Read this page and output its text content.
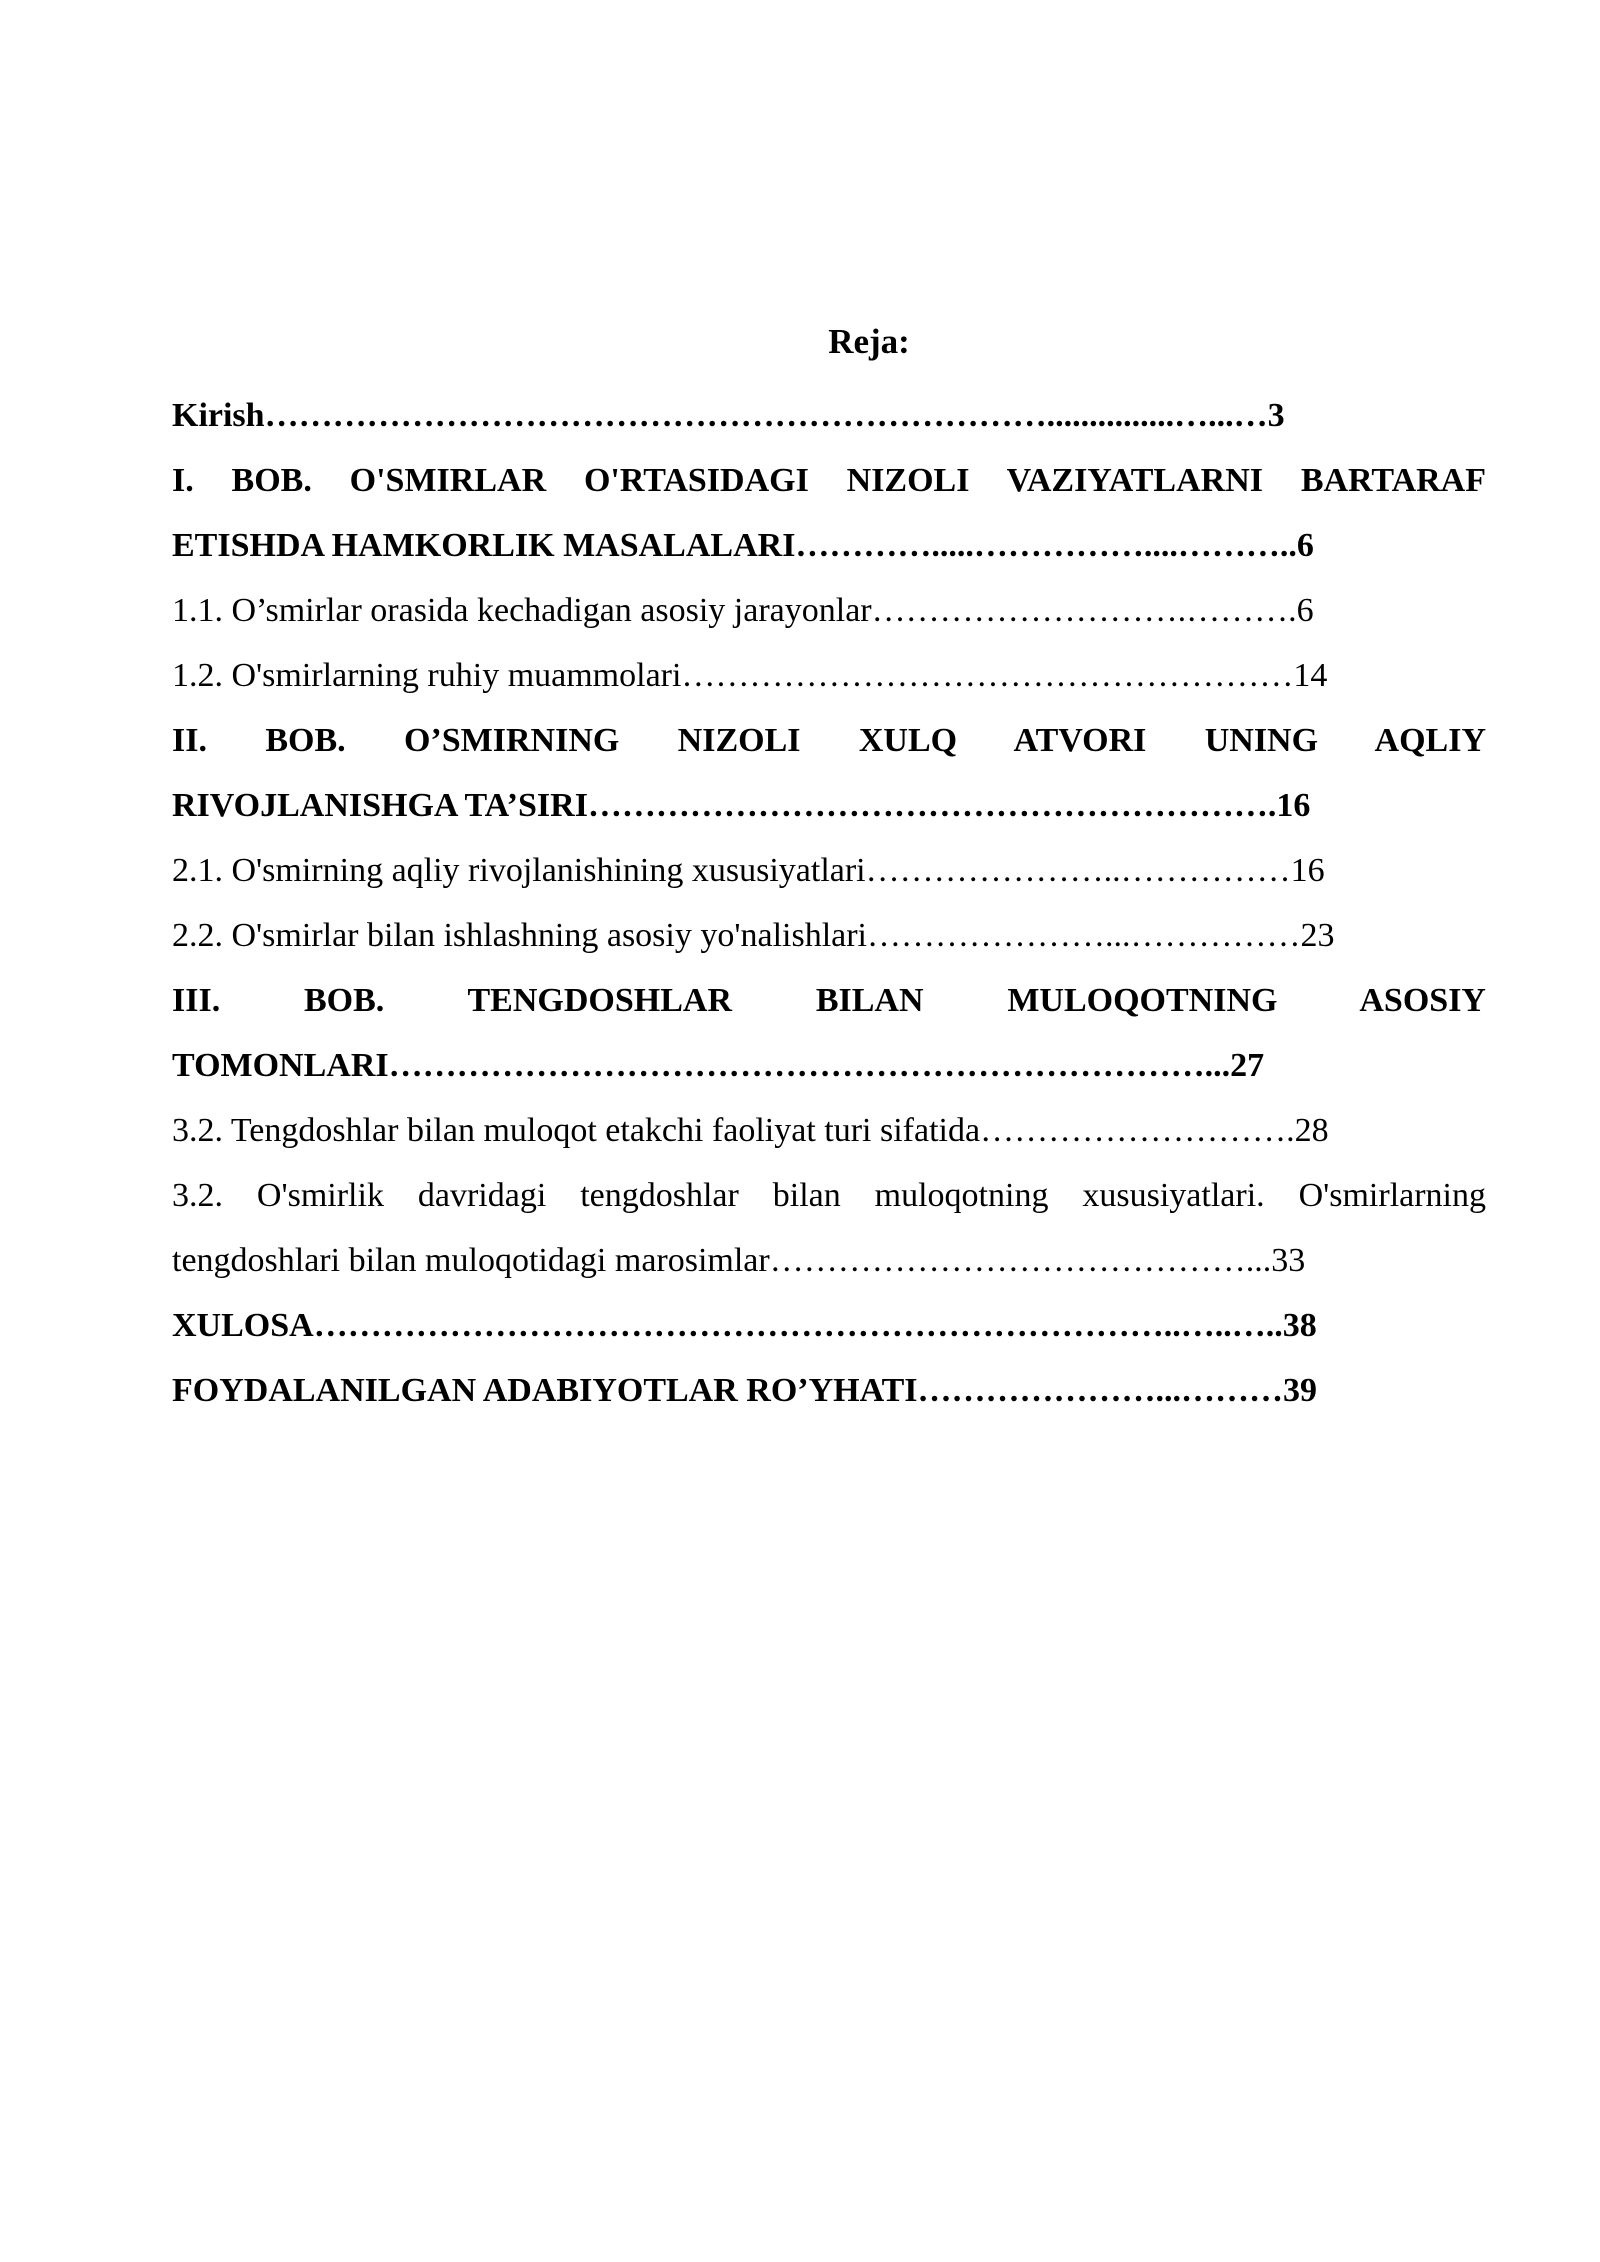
Reja:
Kirish……………………………………………………………...............…...…3
I. BOB. O'SMIRLAR O'RTASIDAGI NIZOLI VAZIYATLARNI BARTARAF
ETISHDA HAMKORLIK MASALALARI………….....……………....………..6
1.1. O’smirlar orasida kechadigan asosiy jarayonlar……………………….……….6
1.2. O'smirlarning ruhiy muammolari………………………………………………14
II. BOB. O’SMIRNING NIZOLI XULQ ATVORI UNING AQLIY
RIVOJLANISHGA TA’SIRI…………………………………………………….16
2.1. O'smirning aqliy rivojlanishining xususiyatlari…………………..……………16
2.2. O'smirlar bilan ishlashning asosiy yo'nalishlari…………………...……………23
III. BOB. TENGDOSHLAR BILAN MULOQOTNING ASOSIY
TOMONLARI………………………………………………………………...27
3.2. Tengdoshlar bilan muloqot etakchi faoliyat turi sifatida……………………….28
3.2. O'smirlik davridagi tengdoshlar bilan muloqotning xususiyatlari. O'smirlarning
tengdoshlari bilan muloqotidagi marosimlar……………………………………...33
XULOSA…………………………………………………………………..…..…..38
FOYDALANILGAN ADABIYOTLAR RO’YHATI…………………...………39
